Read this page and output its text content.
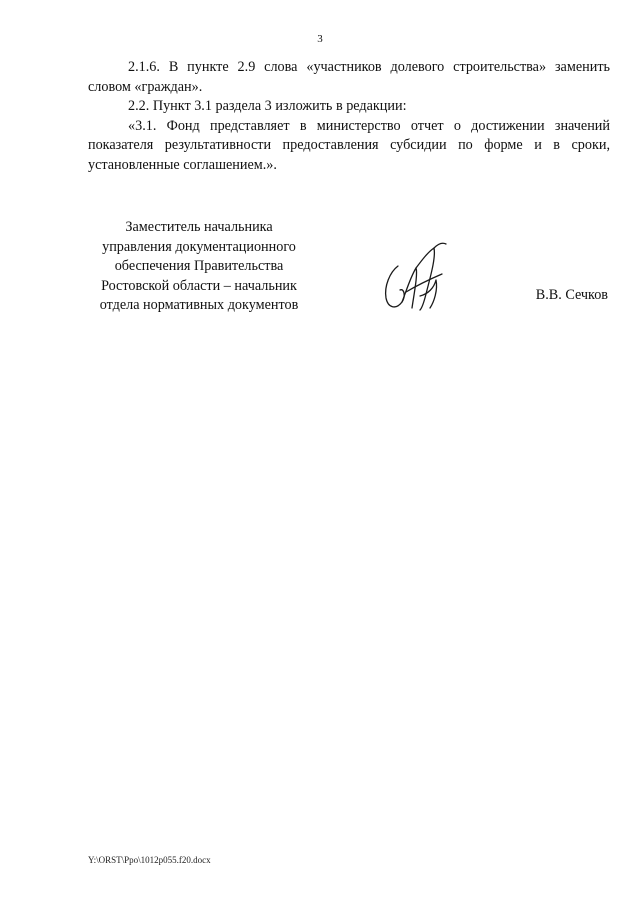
3

2.1.6. В пункте 2.9 слова «участников долевого строительства» заменить словом «граждан».

2.2. Пункт 3.1 раздела 3 изложить в редакции:

«3.1. Фонд представляет в министерство отчет о достижении значений показателя результативности предоставления субсидии по форме и в сроки, установленные соглашением.».

Заместитель начальника
управления документационного
обеспечения Правительства
Ростовской области – начальник
отдела нормативных документов
В.В. Сечков
Y:\ORST\Ppo\1012p055.f20.docx
